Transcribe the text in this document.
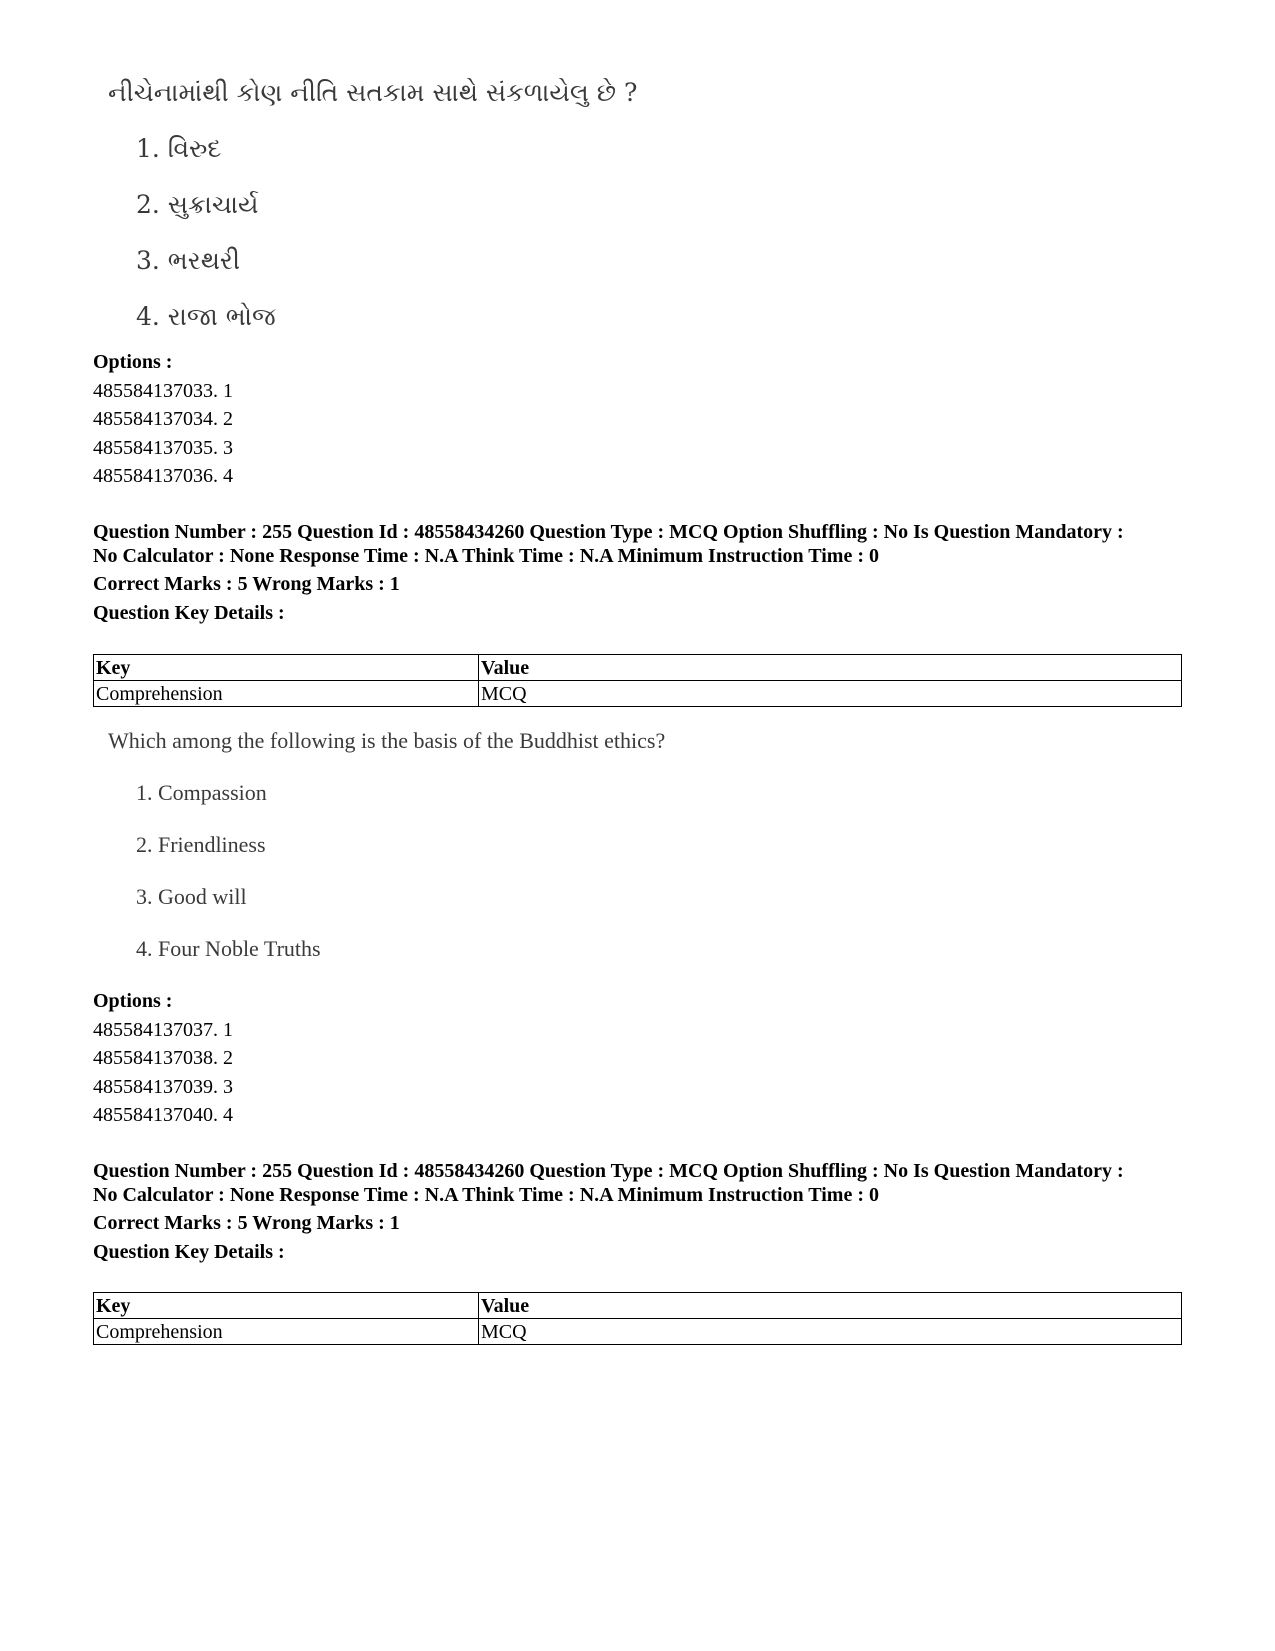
નીચેનામાંથી કોણ નીતિ સતકામ સાથે સંકળાયેલુ છે ?
1. વિરુદ
2. સુક્રાચાર્ય
3. ભરથરી
4. રાજા ભોજ
Options :
485584137033. 1
485584137034. 2
485584137035. 3
485584137036. 4
Question Number : 255 Question Id : 48558434260 Question Type : MCQ Option Shuffling : No Is Question Mandatory :
No Calculator : None Response Time : N.A Think Time : N.A Minimum Instruction Time : 0
Correct Marks : 5 Wrong Marks : 1
Question Key Details :
Key	Value
Comprehension	MCQ
Which among the following is the basis of the Buddhist ethics?
1. Compassion
2. Friendliness
3. Good will
4. Four Noble Truths
Options :
485584137037. 1
485584137038. 2
485584137039. 3
485584137040. 4
Question Number : 255 Question Id : 48558434260 Question Type : MCQ Option Shuffling : No Is Question Mandatory :
No Calculator : None Response Time : N.A Think Time : N.A Minimum Instruction Time : 0
Correct Marks : 5 Wrong Marks : 1
Question Key Details :
Key	Value
Comprehension	MCQ
